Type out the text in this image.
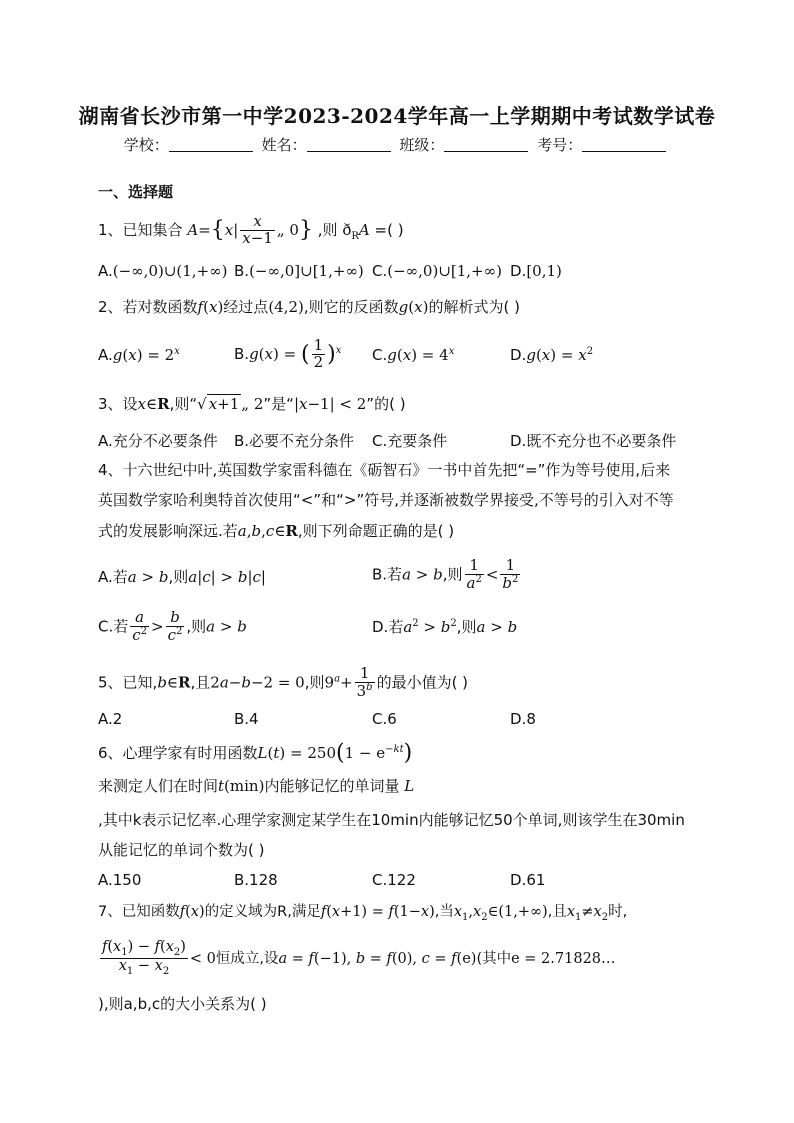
湖南省长沙市第一中学2023-2024学年高一上学期期中考试数学试卷
学校：	姓名：	班级：	考号：
一、选择题
1、已知集合 $A=\{x| \frac{x}{x-1}$ „ 0} ,则 $ð_RA$ =( )
A.(−∞,0)∪(1,+∞) B.(−∞,0]∪[1,+∞) C.(−∞,0)∪[1,+∞) D.[0,1)
2、若对数函数f(x)经过点(4,2),则它的反函数g(x)的解析式为( )
$A.g(x) = 2^x$	B.g(x) = ( $\frac{1}{2} )^x$ $C.g(x) = 4^x$	$D.g(x) = x^2$
3、设x∈R,则“√ x+1 „ 2”是“|x−1| < 2”的( )
A.充分不必要条件 B.必要不充分条件 C.充要条件	D.既不充分也不必要条件
4、十六世纪中叶,英国数学家雷科德在《砺智石》一书中首先把“=”作为等号使用,后来
英国数学家哈利奥特首次使用“<”和“>”符号,并逐渐被数学界接受,不等号的引入对不等
式的发展影响深远.若a,b,c∈R,则下列命题正确的是( )
A.若a > b,则a|c| > b|c|	B.若a > b,则 $\frac{1}{a^2} < \frac{1}{b^2}$
C.若 $\frac{a}{c^2} > \frac{b}{c^2}$ ,则a > b	D.若$a^2 > b^2$,则a > b
5、已知,b∈R,且2a−b−2 = 0,则$9^a+ \frac{1}{3^b}$ 的最小值为( )
A.2	B.4	C.6	D.8
6、心理学家有时用函数$L(t) = 250(1 - e^{-kt})$
来测定人们在时间t(min)内能够记忆的单词量 L
,其中k表示记忆率.心理学家测定某学生在10min内能够记忆50个单词,则该学生在30min
从能记忆的单词个数为( )
A.150	B.128	C.122	D.61
7、已知函数f(x)的定义域为R,满足f(x+1) = f(1−x),当$x_1,x_2\in(1,+\infty)$,且$x_1\ne x_2$时,
$\frac{f(x_1) - f(x_2)}{x_1 - x_2} < 0$恒成立,设a = f(−1), b = f(0), c = f(e)(其中e = 2.71828…
),则a,b,c的大小关系为( )
